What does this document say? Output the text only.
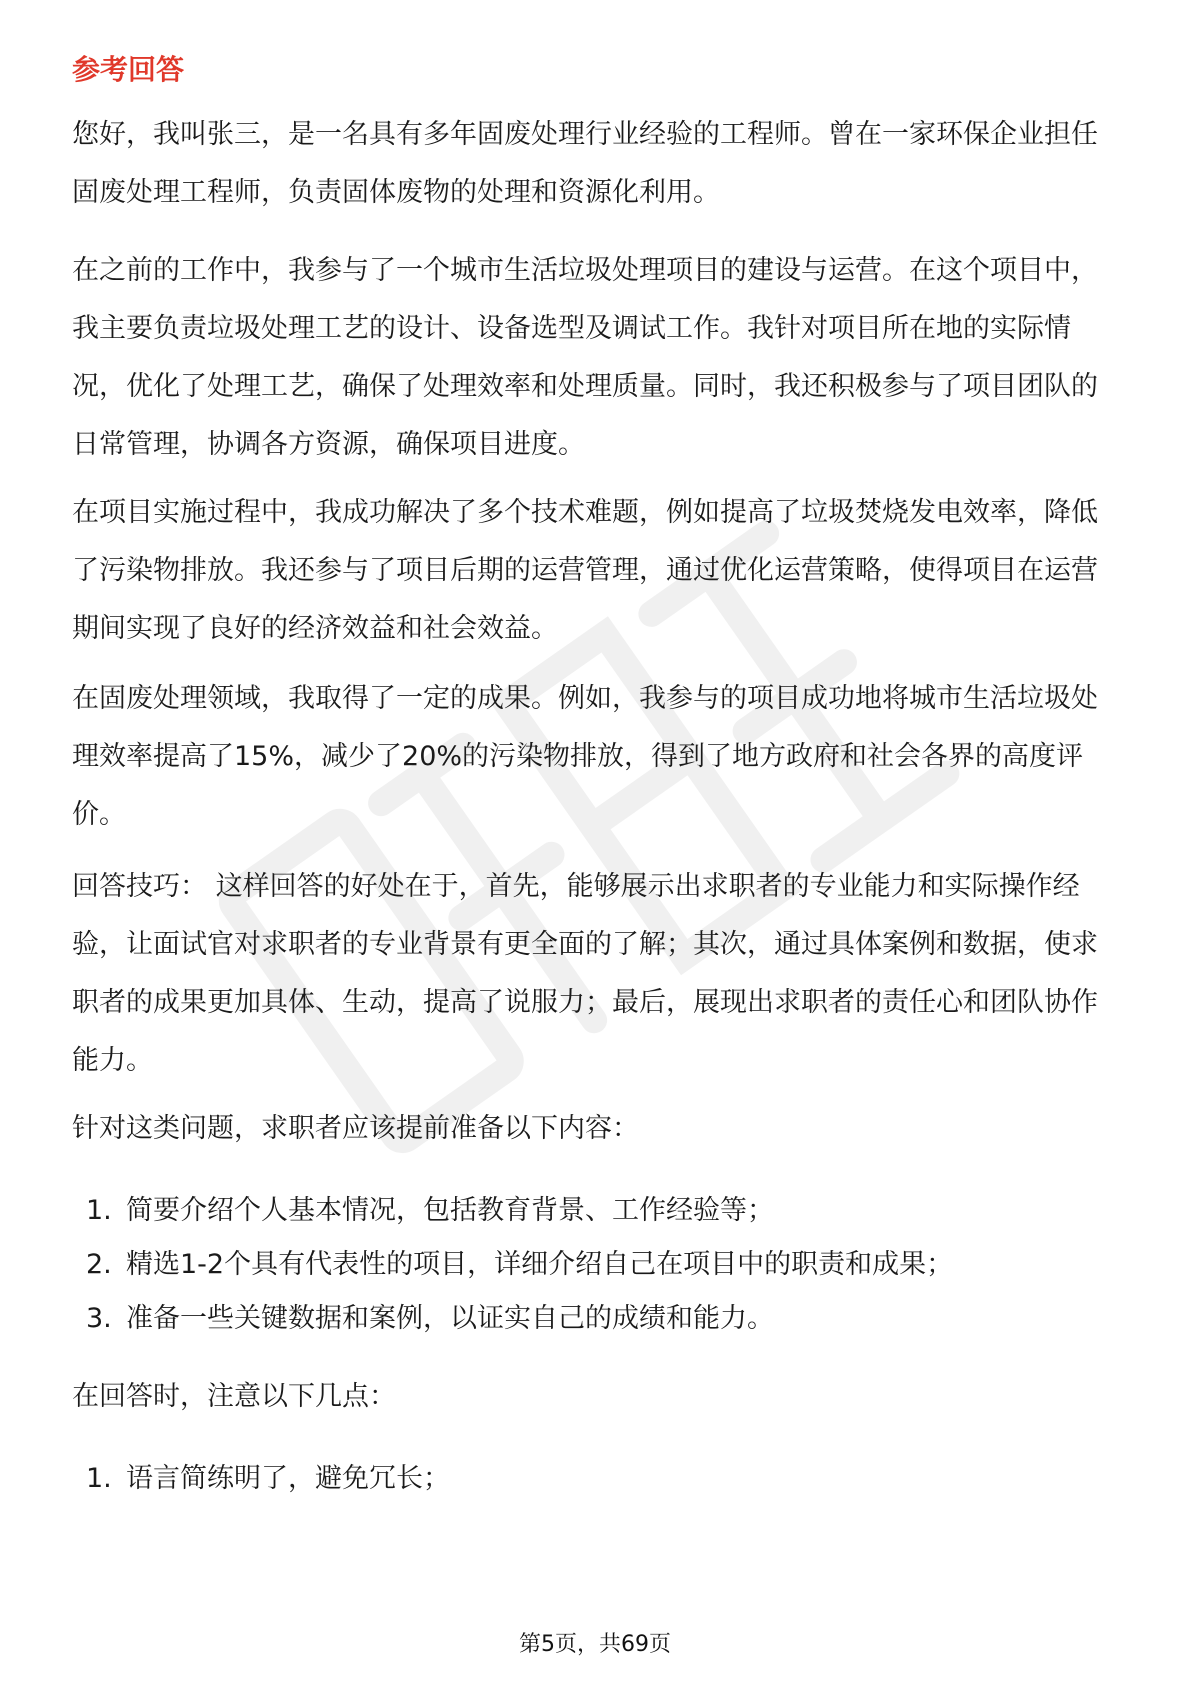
参考回答

您好，我叫张三，是一名具有多年固废处理行业经验的工程师。曾在一家环保企业担任固废处理工程师，负责固体废物的处理和资源化利用。

在之前的工作中，我参与了一个城市生活垃圾处理项目的建设与运营。在这个项目中，我主要负责垃圾处理工艺的设计、设备选型及调试工作。我针对项目所在地的实际情况，优化了处理工艺，确保了处理效率和处理质量。同时，我还积极参与了项目团队的日常管理，协调各方资源，确保项目进度。

在项目实施过程中，我成功解决了多个技术难题，例如提高了垃圾焚烧发电效率，降低了污染物排放。我还参与了项目后期的运营管理，通过优化运营策略，使得项目在运营期间实现了良好的经济效益和社会效益。

在固废处理领域，我取得了一定的成果。例如，我参与的项目成功地将城市生活垃圾处理效率提高了15%，减少了20%的污染物排放，得到了地方政府和社会各界的高度评价。

回答技巧： 这样回答的好处在于，首先，能够展示出求职者的专业能力和实际操作经验，让面试官对求职者的专业背景有更全面的了解；其次，通过具体案例和数据，使求职者的成果更加具体、生动，提高了说服力；最后，展现出求职者的责任心和团队协作能力。

针对这类问题，求职者应该提前准备以下内容：

1. 简要介绍个人基本情况，包括教育背景、工作经验等；
2. 精选1-2个具有代表性的项目，详细介绍自己在项目中的职责和成果；
3. 准备一些关键数据和案例，以证实自己的成绩和能力。

在回答时，注意以下几点：

1. 语言简练明了，避免冗长；
第5页，共69页
